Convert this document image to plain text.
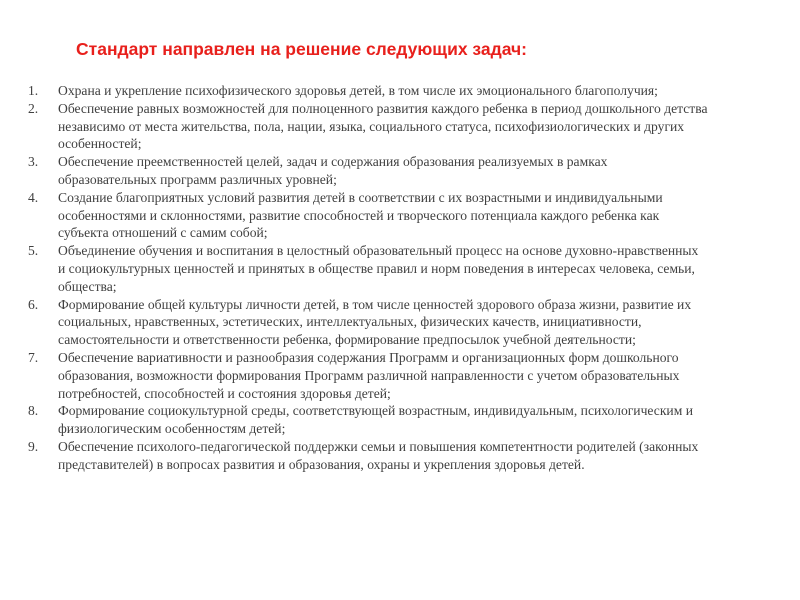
Стандарт направлен на решение следующих задач:
1.	Охрана и укрепление психофизического здоровья детей, в том числе их эмоционального благополучия;
2.	Обеспечение равных возможностей для полноценного развития каждого ребенка в период дошкольного детства независимо от места жительства, пола, нации, языка, социального статуса, психофизиологических и других особенностей;
3.	Обеспечение преемственностей целей, задач и содержания образования реализуемых в рамках образовательных программ различных уровней;
4.	Создание благоприятных условий развития детей в соответствии с их возрастными и индивидуальными особенностями и склонностями, развитие способностей и творческого потенциала каждого ребенка как субъекта отношений с самим собой;
5.	Объединение обучения и воспитания в целостный образовательный процесс на основе духовно-нравственных и социокультурных ценностей и принятых в обществе правил и норм поведения в интересах человека, семьи, общества;
6.	Формирование общей культуры личности детей, в том числе ценностей здорового образа жизни, развитие их социальных, нравственных, эстетических, интеллектуальных, физических качеств, инициативности, самостоятельности и ответственности ребенка, формирование предпосылок учебной деятельности;
7.	Обеспечение вариативности и разнообразия содержания Программ и организационных форм дошкольного образования, возможности формирования Программ различной направленности с учетом образовательных потребностей, способностей и состояния здоровья детей;
8.	Формирование социокультурной среды, соответствующей возрастным, индивидуальным, психологическим и физиологическим особенностям детей;
9.	Обеспечение психолого-педагогической поддержки семьи и повышения компетентности родителей (законных представителей) в вопросах развития и образования, охраны и укрепления здоровья детей.
